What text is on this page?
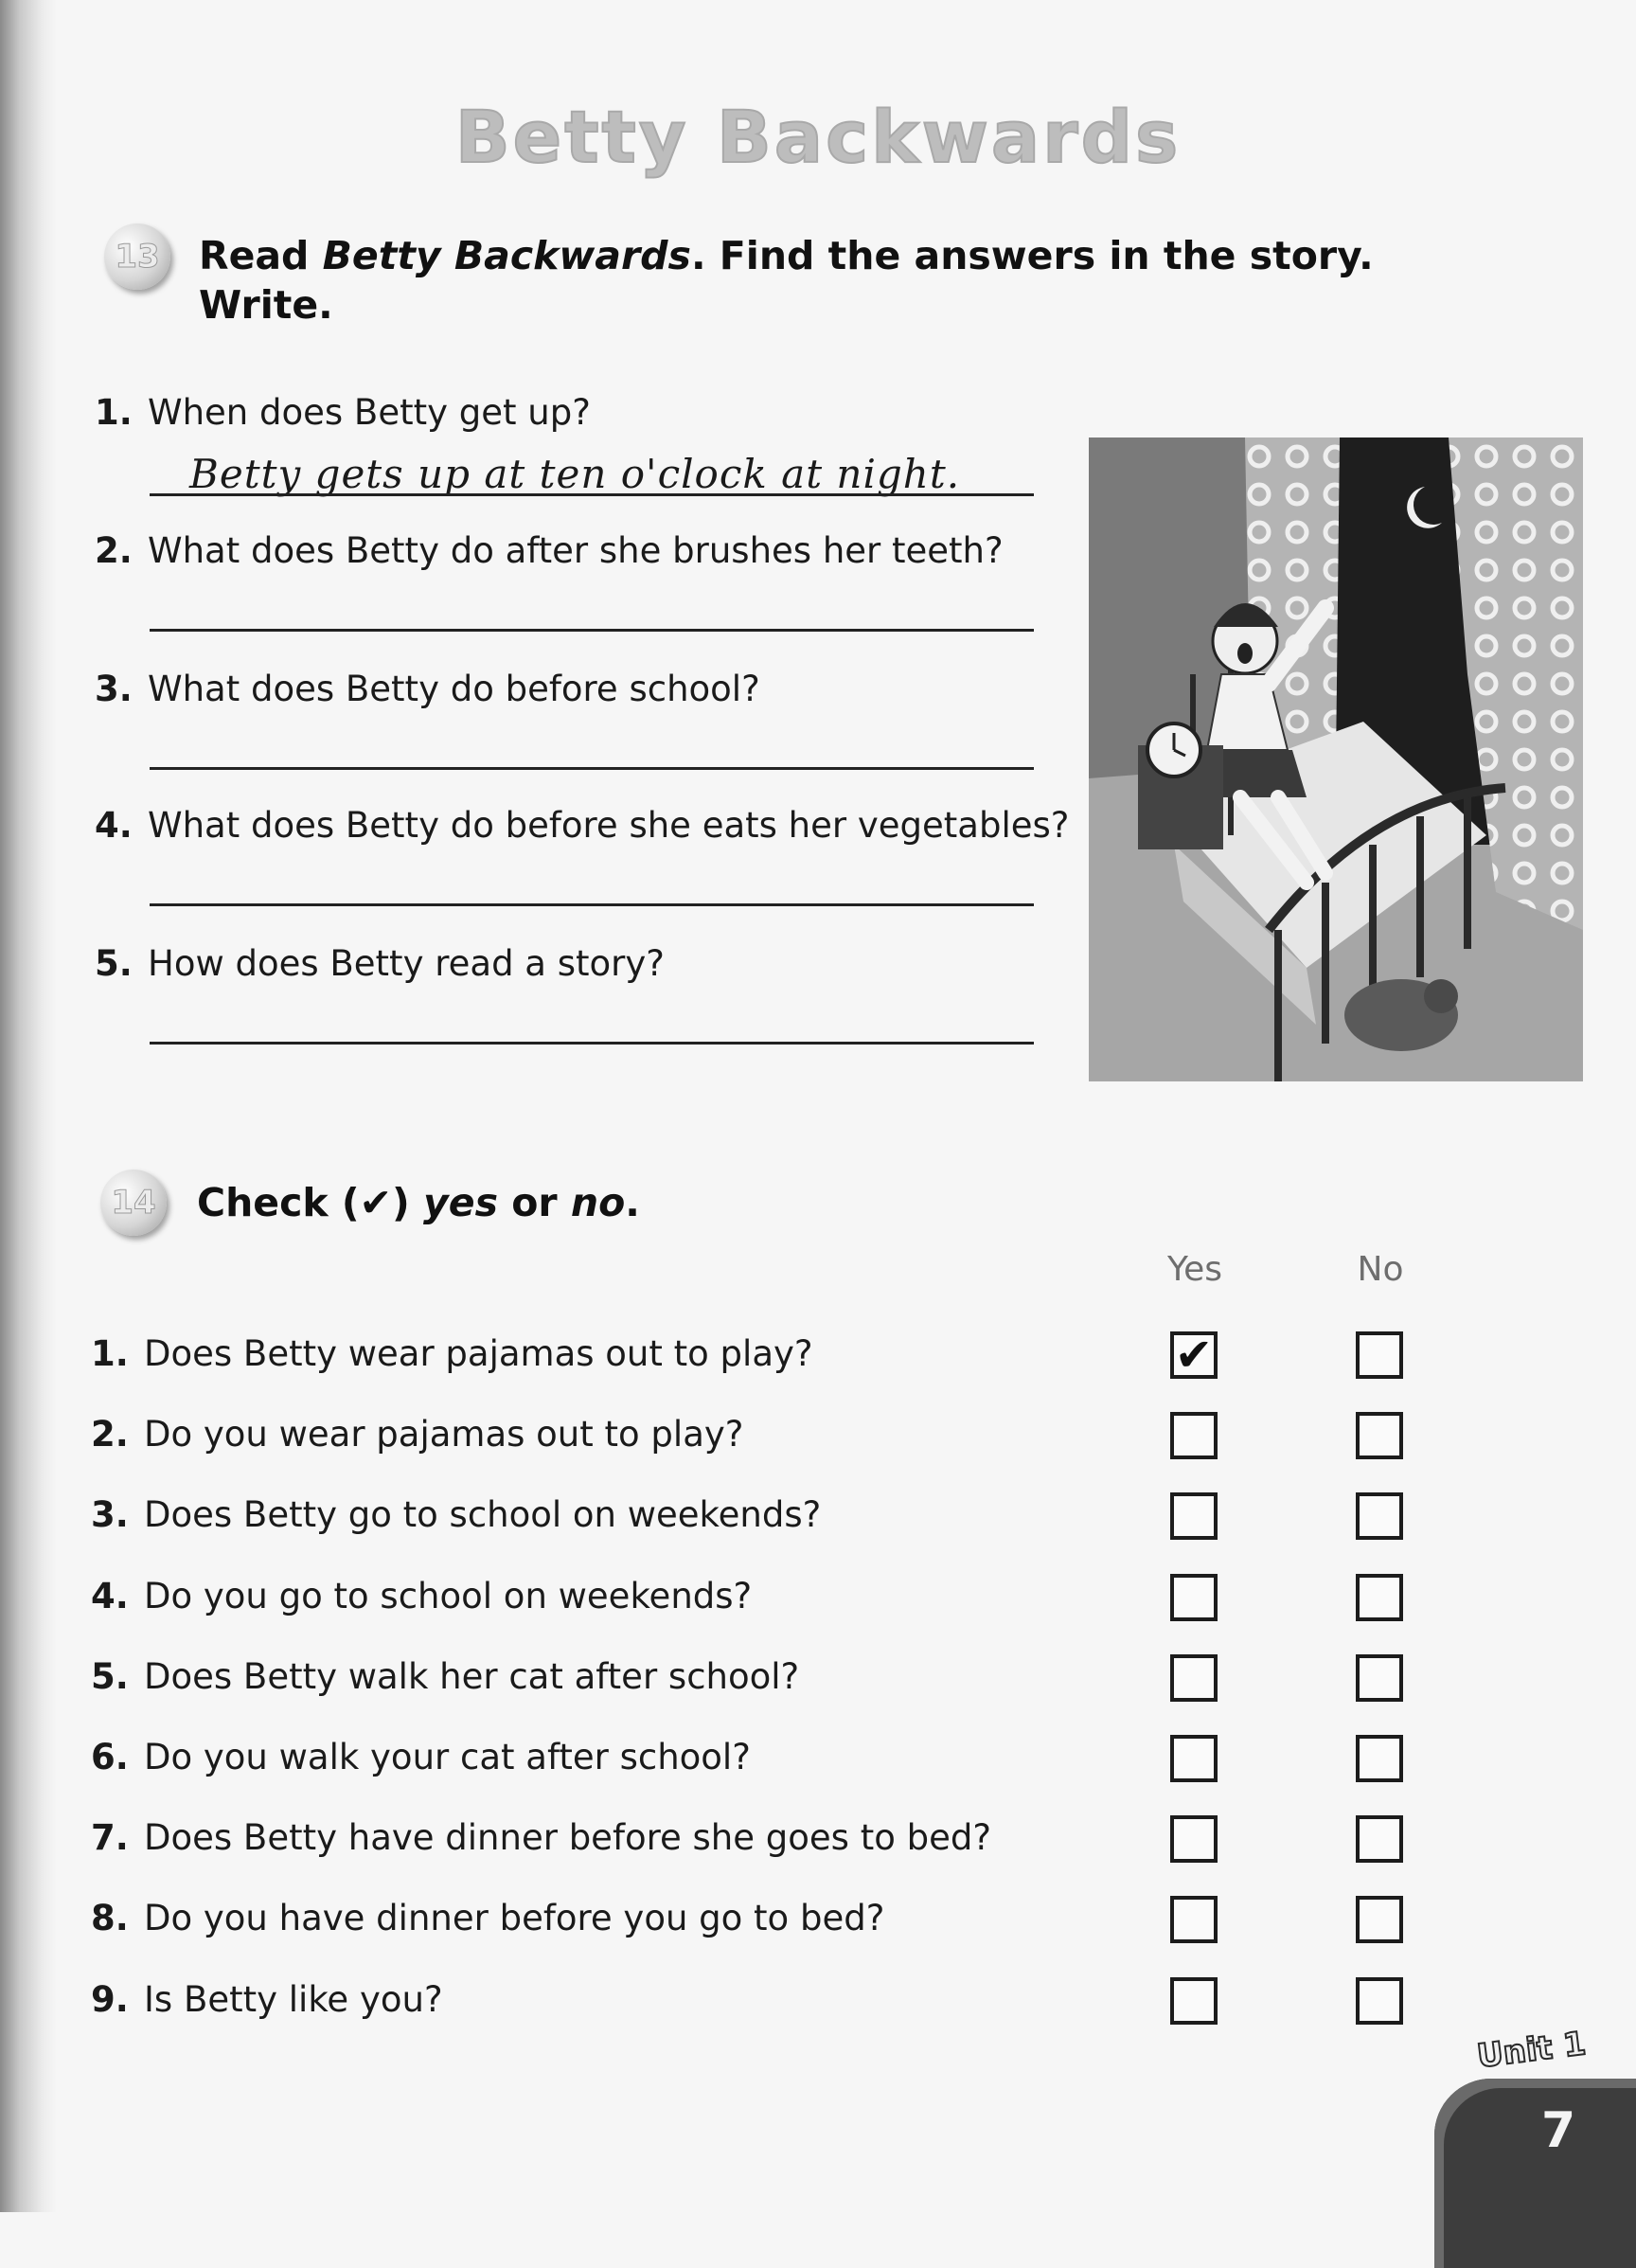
Betty Backwards
13 Read Betty Backwards. Find the answers in the story. Write.
1. When does Betty get up?
Betty gets up at ten o'clock at night.
2. What does Betty do after she brushes her teeth?
3. What does Betty do before school?
4. What does Betty do before she eats her vegetables?
5. How does Betty read a story?
14 Check (✔) yes or no.
Yes	No
1. Does Betty wear pajamas out to play?	✔
2. Do you wear pajamas out to play?
3. Does Betty go to school on weekends?
4. Do you go to school on weekends?
5. Does Betty walk her cat after school?
6. Do you walk your cat after school?
7. Does Betty have dinner before she goes to bed?
8. Do you have dinner before you go to bed?
9. Is Betty like you?
Unit 1
7
